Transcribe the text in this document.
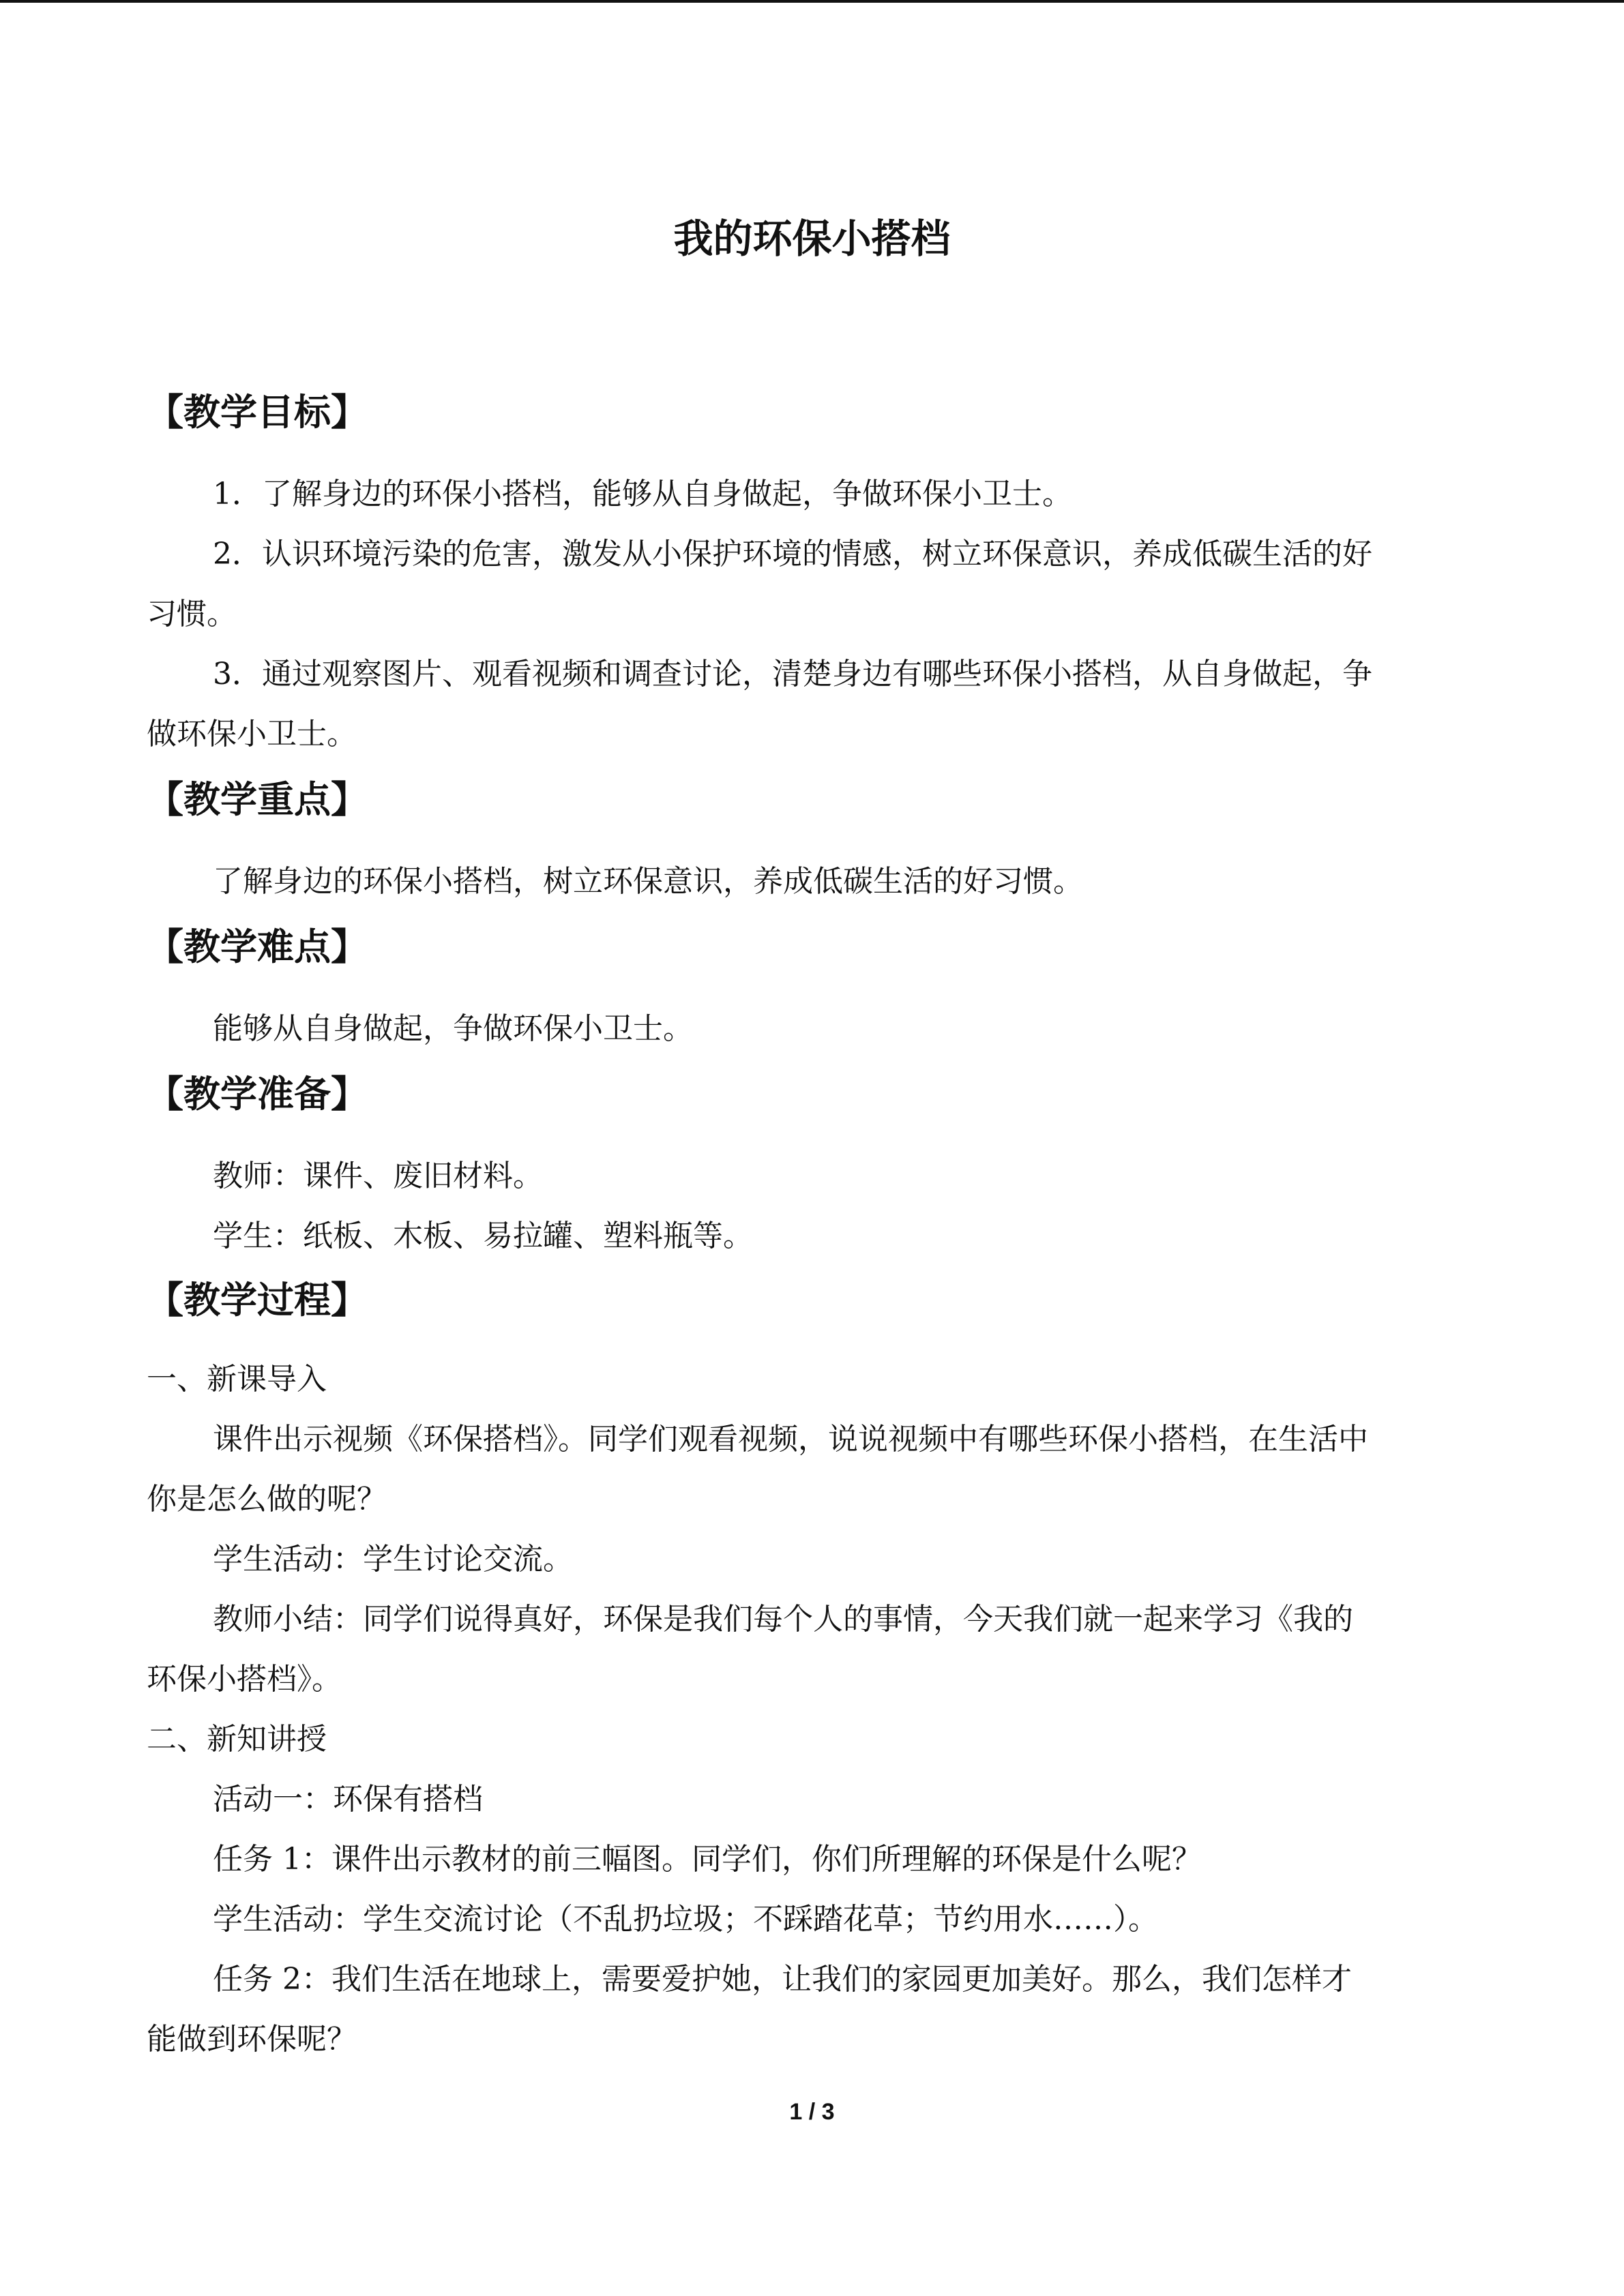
我的环保小搭档
【教学目标】
1．了解身边的环保小搭档，能够从自身做起，争做环保小卫士。
2．认识环境污染的危害，激发从小保护环境的情感，树立环保意识，养成低碳生活的好
习惯。
3．通过观察图片、观看视频和调查讨论，清楚身边有哪些环保小搭档，从自身做起，争
做环保小卫士。
【教学重点】
了解身边的环保小搭档，树立环保意识，养成低碳生活的好习惯。
【教学难点】
能够从自身做起，争做环保小卫士。
【教学准备】
教师：课件、废旧材料。
学生：纸板、木板、易拉罐、塑料瓶等。
【教学过程】
一、新课导入
课件出示视频《环保搭档》。同学们观看视频，说说视频中有哪些环保小搭档，在生活中
你是怎么做的呢？
学生活动：学生讨论交流。
教师小结：同学们说得真好，环保是我们每个人的事情，今天我们就一起来学习《我的
环保小搭档》。
二、新知讲授
活动一：环保有搭档
任务 1：课件出示教材的前三幅图。同学们，你们所理解的环保是什么呢？
学生活动：学生交流讨论（不乱扔垃圾；不踩踏花草；节约用水……）。
任务 2：我们生活在地球上，需要爱护她，让我们的家园更加美好。那么，我们怎样才
能做到环保呢？
1 / 3
